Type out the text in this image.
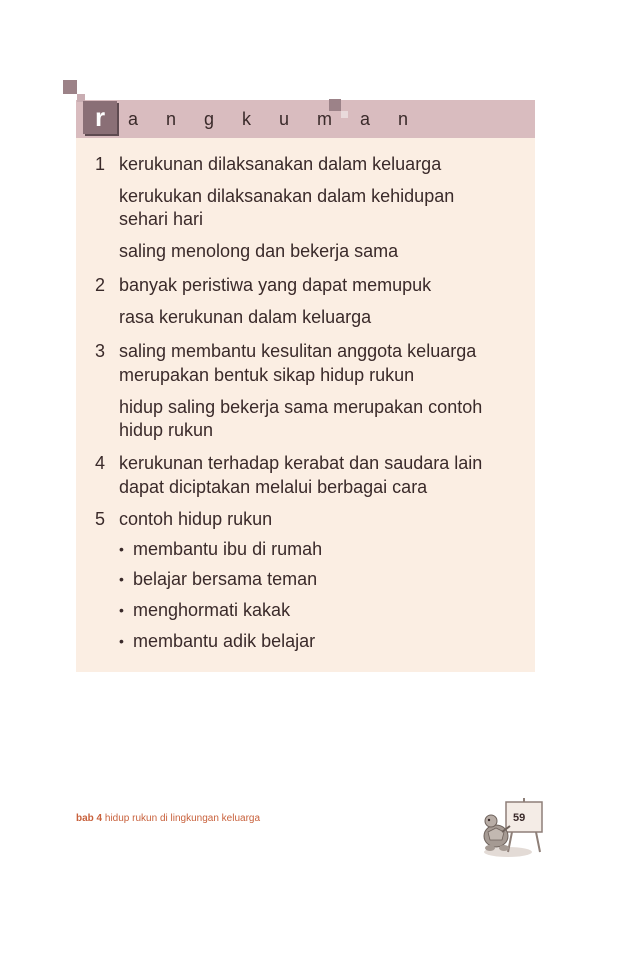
r	a n g k u m a n
1 kerukunan dilaksanakan dalam keluarga
kerukukan dilaksanakan dalam kehidupan
sehari hari
saling menolong dan bekerja sama
2 banyak peristiwa yang dapat memupuk
rasa kerukunan dalam keluarga
3 saling membantu kesulitan anggota keluarga
merupakan bentuk sikap hidup rukun
hidup saling bekerja sama merupakan contoh
hidup rukun
4 kerukunan terhadap kerabat dan saudara lain
dapat diciptakan melalui berbagai cara
5 contoh hidup rukun
• membantu ibu di rumah
• belajar bersama teman
• menghormati kakak
• membantu adik belajar
bab 4 hidup rukun di lingkungan keluarga	59
